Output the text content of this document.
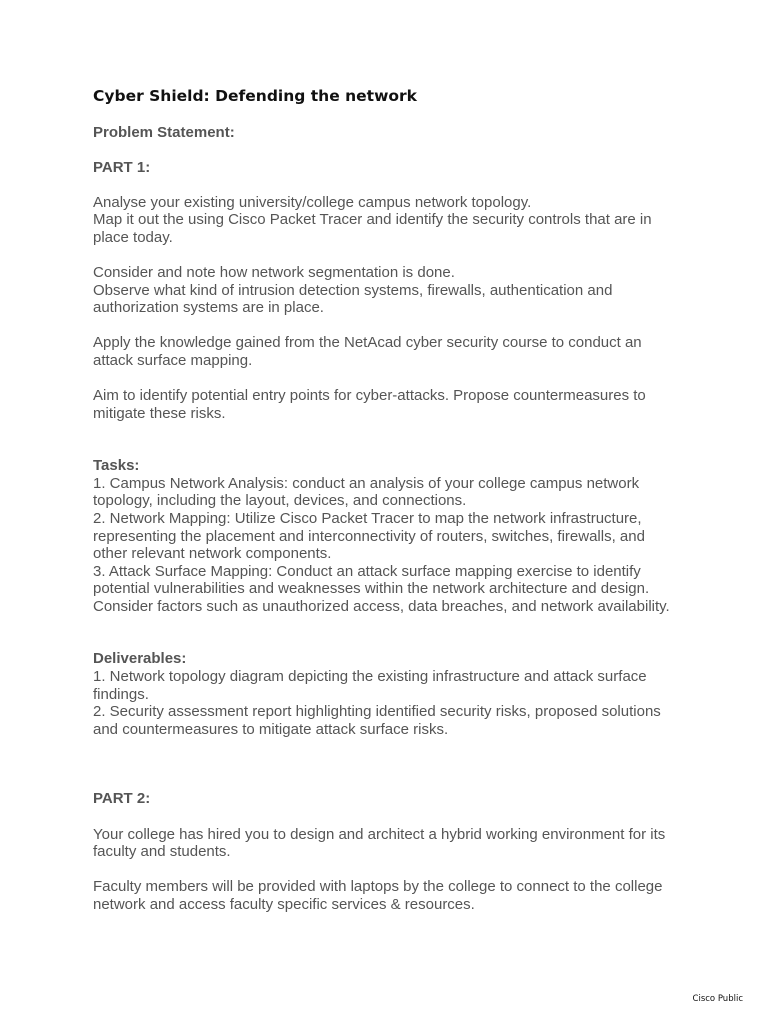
Cyber Shield: Defending the network

Problem Statement:

PART 1:

Analyse your existing university/college campus network topology.

Map it out the using Cisco Packet Tracer and identify the security controls that are in place today.

Consider and note how network segmentation is done.

Observe what kind of intrusion detection systems, firewalls, authentication and authorization systems are in place.

Apply the knowledge gained from the NetAcad cyber security course to conduct an attack surface mapping.

Aim to identify potential entry points for cyber-attacks. Propose countermeasures to mitigate these risks.

Tasks:

1. Campus Network Analysis: conduct an analysis of your college campus network topology, including the layout, devices, and connections.

2. Network Mapping: Utilize Cisco Packet Tracer to map the network infrastructure, representing the placement and interconnectivity of routers, switches, firewalls, and other relevant network components.

3. Attack Surface Mapping: Conduct an attack surface mapping exercise to identify potential vulnerabilities and weaknesses within the network architecture and design. Consider factors such as unauthorized access, data breaches, and network availability.

Deliverables:

1. Network topology diagram depicting the existing infrastructure and attack surface findings.

2. Security assessment report highlighting identified security risks, proposed solutions and countermeasures to mitigate attack surface risks.

PART 2:

Your college has hired you to design and architect a hybrid working environment for its faculty and students.

Faculty members will be provided with laptops by the college to connect to the college network and access faculty specific services & resources.

Cisco Public
